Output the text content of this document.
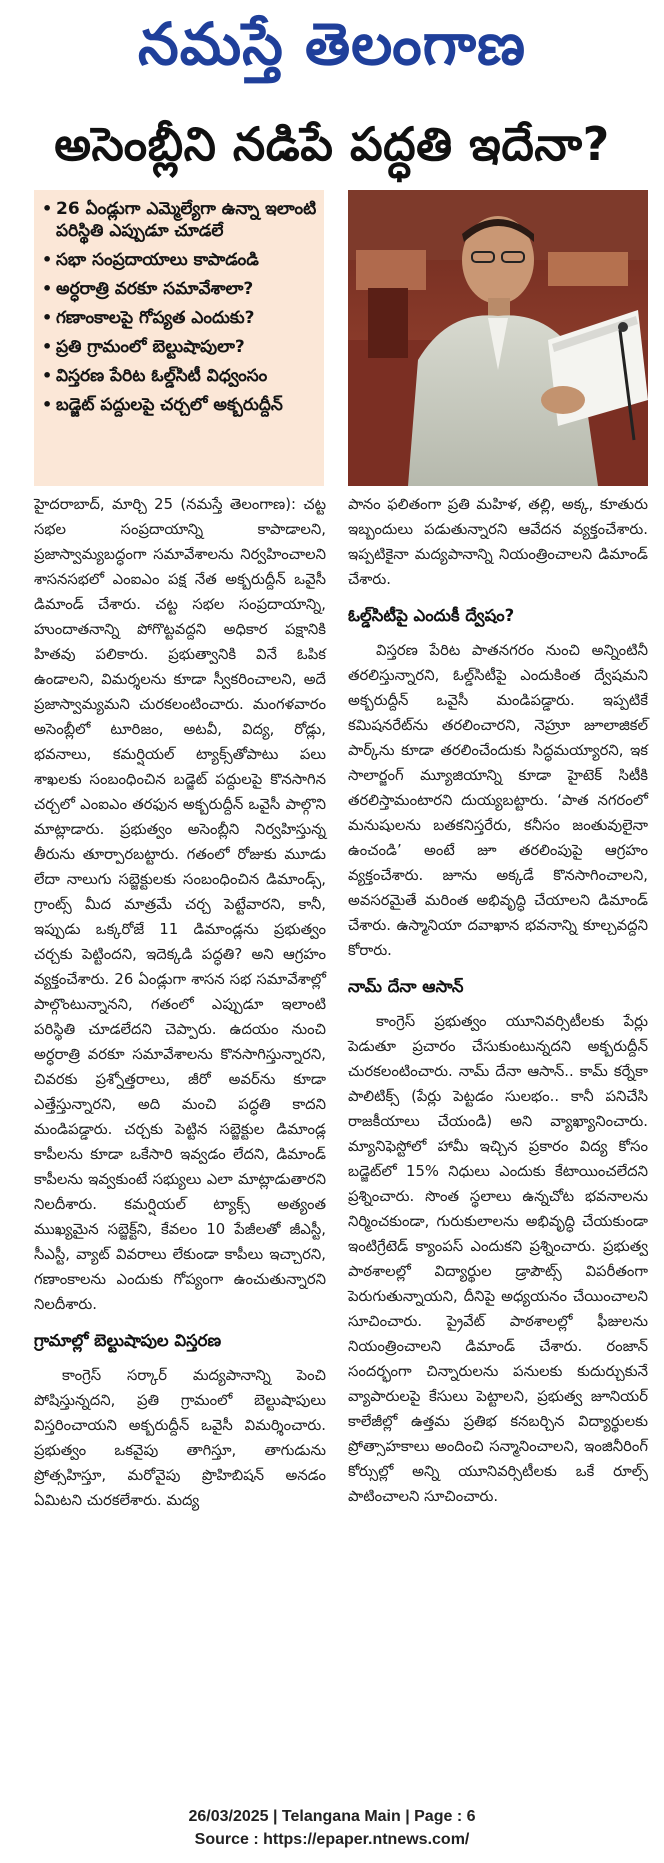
నమస్తే తెలంగాణ
అసెంబ్లీని నడిపే పద్ధతి ఇదేనా?
• 26 ఏండ్లుగా ఎమ్మెల్యేగా ఉన్నా ఇలాంటి పరిస్థితి ఎప్పుడూ చూడలే
• సభా సంప్రదాయాలు కాపాడండి
• అర్ధరాత్రి వరకూ సమావేశాలా?
• గణాంకాలపై గోప్యత ఎందుకు?
• ప్రతి గ్రామంలో బెల్టుషాపులా?
• విస్తరణ పేరిట ఓల్డ్‌సిటీ విధ్వంసం
• బడ్జెట్ పద్దులపై చర్చలో అక్బరుద్దీన్

హైదరాబాద్, మార్చి 25 (నమస్తే తెలంగాణ): చట్ట సభల సంప్రదాయాన్ని కాపాడాలని, ప్రజాస్వామ్యబద్ధంగా సమావేశాలను నిర్వహించాలని శాసనసభలో ఎంఐఎం పక్ష నేత అక్బరుద్దీన్ ఒవైసీ డిమాండ్ చేశారు. చట్ట సభల సంప్రదాయాన్ని, హుందాతనాన్ని పోగొట్టవద్దని అధికార పక్షానికి హితవు పలికారు. ప్రభుత్వానికి వినే ఓపిక ఉండాలని, విమర్శలను కూడా స్వీకరించాలని, అదే ప్రజాస్వామ్యమని చురకలంటించారు. మంగళవారం అసెంబ్లీలో టూరిజం, అటవీ, విద్య, రోడ్లు, భవనాలు, కమర్షియల్ ట్యాక్స్‌తోపాటు పలు శాఖలకు సంబంధించిన బడ్జెట్ పద్దులపై కొనసాగిన చర్చలో ఎంఐఎం తరఫున అక్బరుద్దీన్ ఒవైసీ పాల్గొని మాట్లాడారు. ప్రభుత్వం అసెంబ్లీని నిర్వహిస్తున్న తీరును తూర్పారబట్టారు. గతంలో రోజుకు మూడు లేదా నాలుగు సబ్జెక్టులకు సంబంధించిన డిమాండ్స్, గ్రాంట్స్ మీద మాత్రమే చర్చ పెట్టేవారని, కానీ, ఇప్పుడు ఒక్కరోజే 11 డిమాండ్లను ప్రభుత్వం చర్చకు పెట్టిందని, ఇదెక్కడి పద్ధతి? అని ఆగ్రహం వ్యక్తంచేశారు. 26 ఏండ్లుగా శాసన సభ సమావేశాల్లో పాల్గొంటున్నానని, గతంలో ఎప్పుడూ ఇలాంటి పరిస్థితి చూడలేదని చెప్పారు. ఉదయం నుంచి అర్ధరాత్రి వరకూ సమావేశాలను కొనసాగిస్తున్నారని, చివరకు ప్రశ్నోత్తరాలు, జీరో అవర్‌ను కూడా ఎత్తేస్తున్నారని, అది మంచి పద్ధతి కాదని మండిపడ్డారు. చర్చకు పెట్టిన సబ్జెక్టుల డిమాండ్ల కాపీలను కూడా ఒకేసారి ఇవ్వడం లేదని, డిమాండ్ కాపీలను ఇవ్వకుంటే సభ్యులు ఎలా మాట్లాడుతారని నిలదీశారు. కమర్షియల్ ట్యాక్స్ అత్యంత ముఖ్యమైన సబ్జెక్ట్‌ని, కేవలం 10 పేజీలతో జీఎస్టీ, సీఎస్టీ, వ్యాట్ వివరాలు లేకుండా కాపీలు ఇచ్చారని, గణాంకాలను ఎందుకు గోప్యంగా ఉంచుతున్నారని నిలదీశారు.

గ్రామాల్లో బెల్టుషాపుల విస్తరణ

కాంగ్రెస్ సర్కార్ మద్యపానాన్ని పెంచి పోషిస్తున్నదని, ప్రతి గ్రామంలో బెల్టుషాపులు విస్తరించాయని అక్బరుద్దీన్ ఒవైసీ విమర్శించారు. ప్రభుత్వం ఒకవైపు తాగిస్తూ, తాగుడును ప్రోత్సహిస్తూ, మరోవైపు ప్రొహిబిషన్ అనడం ఏమిటని చురకలేశారు. మద్య

పానం ఫలితంగా ప్రతి మహిళ, తల్లి, అక్క, కూతురు ఇబ్బందులు పడుతున్నారని ఆవేదన వ్యక్తంచేశారు. ఇప్పటికైనా మద్యపానాన్ని నియంత్రించాలని డిమాండ్ చేశారు.

ఓల్డ్‌సిటీపై ఎందుకీ ద్వేషం?

విస్తరణ పేరిట పాతనగరం నుంచి అన్నింటినీ తరలిస్తున్నారని, ఓల్డ్‌సిటీపై ఎందుకింత ద్వేషమని అక్బరుద్దీన్ ఒవైసీ మండిపడ్డారు. ఇప్పటికే కమిషనరేట్‌ను తరలించారని, నెహ్రూ జూలాజికల్ పార్క్‌ను కూడా తరలించేందుకు సిద్ధమయ్యారని, ఇక సాలార్జంగ్ మ్యూజియాన్ని కూడా హైటెక్ సిటీకి తరలిస్తామంటారని దుయ్యబట్టారు. ‘పాత నగరంలో మనుషులను బతకనిస్తరేరు, కనీసం జంతువులైనా ఉంచండి’ అంటే జూ తరలింపుపై ఆగ్రహం వ్యక్తంచేశారు. జూను అక్కడే కొనసాగించాలని, అవసరమైతే మరింత అభివృద్ధి చేయాలని డిమాండ్ చేశారు. ఉస్మానియా దవాఖాన భవనాన్ని కూల్చవద్దని కోరారు.

నామ్ దేనా ఆసాన్

కాంగ్రెస్ ప్రభుత్వం యూనివర్సిటీలకు పేర్లు పెడుతూ ప్రచారం చేసుకుంటున్నదని అక్బరుద్దీన్ చురకలంటించారు. నామ్ దేనా ఆసాన్.. కామ్ కర్నేకా పాలిటిక్స్ (పేర్లు పెట్టడం సులభం.. కానీ పనిచేసి రాజకీయాలు చేయండి) అని వ్యాఖ్యానించారు. మ్యానిఫెస్టోలో హామీ ఇచ్చిన ప్రకారం విద్య కోసం బడ్జెట్‌లో 15% నిధులు ఎందుకు కేటాయించలేదని ప్రశ్నించారు. సొంత స్థలాలు ఉన్నచోట భవనాలను నిర్మించకుండా, గురుకులాలను అభివృద్ధి చేయకుండా ఇంటిగ్రేటెడ్ క్యాంపస్ ఎందుకని ప్రశ్నించారు. ప్రభుత్వ పాఠశాలల్లో విద్యార్థుల డ్రాపౌట్స్ విపరీతంగా పెరుగుతున్నాయని, దీనిపై అధ్యయనం చేయించాలని సూచించారు. ప్రైవేట్ పాఠశాలల్లో ఫీజులను నియంత్రించాలని డిమాండ్ చేశారు. రంజాన్ సందర్భంగా చిన్నారులను పనులకు కుదుర్చుకునే వ్యాపారులపై కేసులు పెట్టాలని, ప్రభుత్వ జూనియర్ కాలేజీల్లో ఉత్తమ ప్రతిభ కనబర్చిన విద్యార్థులకు ప్రోత్సాహకాలు అందించి సన్మానించాలని, ఇంజినీరింగ్ కోర్సుల్లో అన్ని యూనివర్సిటీలకు ఒకే రూల్స్ పాటించాలని సూచించారు.

26/03/2025 | Telangana Main | Page : 6
Source : https://epaper.ntnews.com/
